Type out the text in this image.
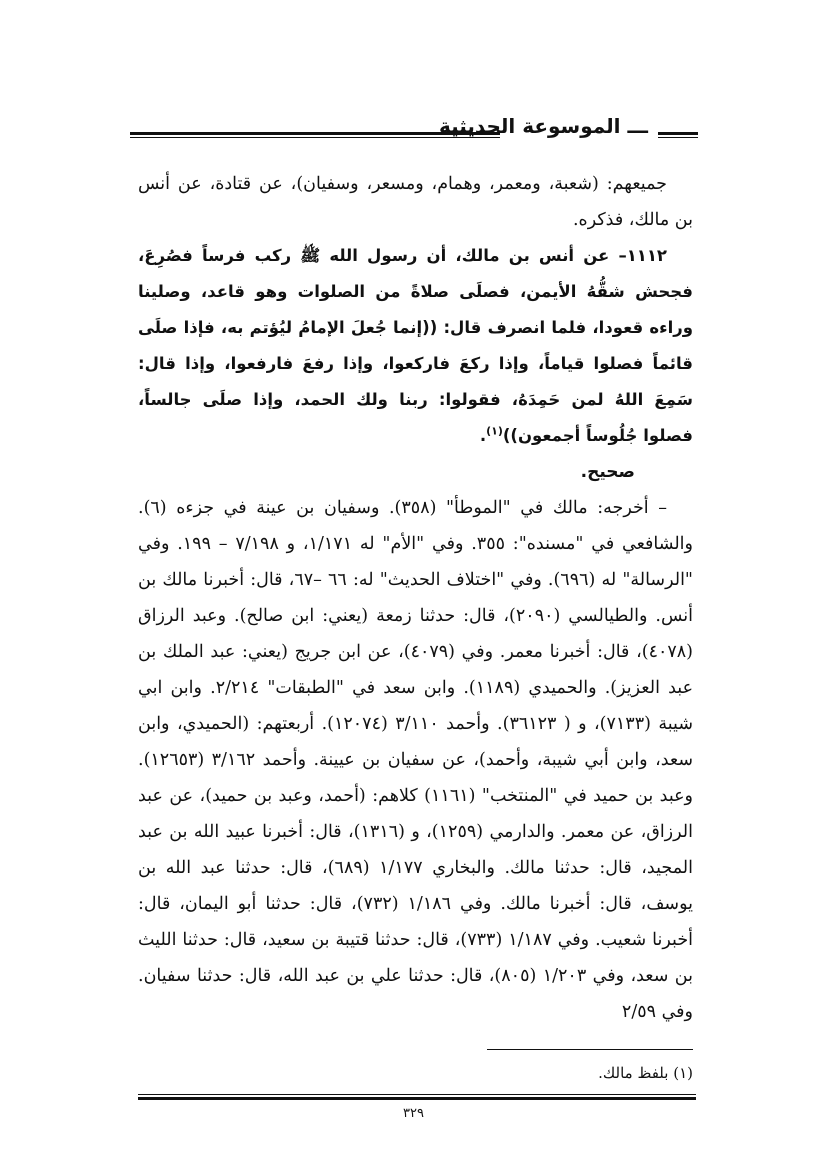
ـــ الموسوعة الحديثية

جميعهم: (شعبة، ومعمر، وهمام، ومسعر، وسفيان)، عن قتادة، عن أنس بن مالك، فذكره.

١١١٢– عن أنس بن مالك، أن رسول الله ﷺ ركب فرساً فصُرِعَ، فجحش شقُّهُ الأيمن، فصلَى صلاةً من الصلوات وهو قاعد، وصلينا وراءه قعودا، فلما انصرف قال: ((إنما جُعلَ الإمامُ ليُؤتم به، فإذا صلَى قائماً فصلوا قياماً، وإذا ركعَ فاركعوا، وإذا رفعَ فارفعوا، وإذا قال: سَمِعَ اللهُ لمن حَمِدَهُ، فقولوا: ربنا ولك الحمد، وإذا صلَى جالساً، فصلوا جُلُوساً أجمعون))$^{(١)}$.

صحيح.

– أخرجه: مالك في "الموطأ" (٣٥٨). وسفيان بن عينة في جزءه (٦). والشافعي في "مسنده": ٣٥٥. وفي "الأم" له ١/١٧١، و ٧/١٩٨ – ١٩٩. وفي "الرسالة" له (٦٩٦). وفي "اختلاف الحديث" له: ٦٦ –٦٧، قال: أخبرنا مالك بن أنس. والطيالسي (٢٠٩٠)، قال: حدثنا زمعة (يعني: ابن صالح). وعبد الرزاق (٤٠٧٨)، قال: أخبرنا معمر. وفي (٤٠٧٩)، عن ابن جريج (يعني: عبد الملك بن عبد العزيز). والحميدي (١١٨٩). وابن سعد في "الطبقات" ٢/٢١٤. وابن ابي شيبة (٧١٣٣)، و ( ٣٦١٢٣). وأحمد ٣/١١٠ (١٢٠٧٤). أربعتهم: (الحميدي، وابن سعد، وابن أبي شيبة، وأحمد)، عن سفيان بن عيينة. وأحمد ٣/١٦٢ (١٢٦٥٣). وعبد بن حميد في "المنتخب" (١١٦١) كلاهم: (أحمد، وعبد بن حميد)، عن عبد الرزاق، عن معمر. والدارمي (١٢٥٩)، و (١٣١٦)، قال: أخبرنا عبيد الله بن عبد المجيد، قال: حدثنا مالك. والبخاري ١/١٧٧ (٦٨٩)، قال: حدثنا عبد الله بن يوسف، قال: أخبرنا مالك. وفي ١/١٨٦ (٧٣٢)، قال: حدثنا أبو اليمان، قال: أخبرنا شعيب. وفي ١/١٨٧ (٧٣٣)، قال: حدثنا قتيبة بن سعيد، قال: حدثنا الليث بن سعد، وفي ١/٢٠٣ (٨٠٥)، قال: حدثنا علي بن عبد الله، قال: حدثنا سفيان. وفي ٢/٥٩

(١) بلفظ مالك.
٣٢٩
